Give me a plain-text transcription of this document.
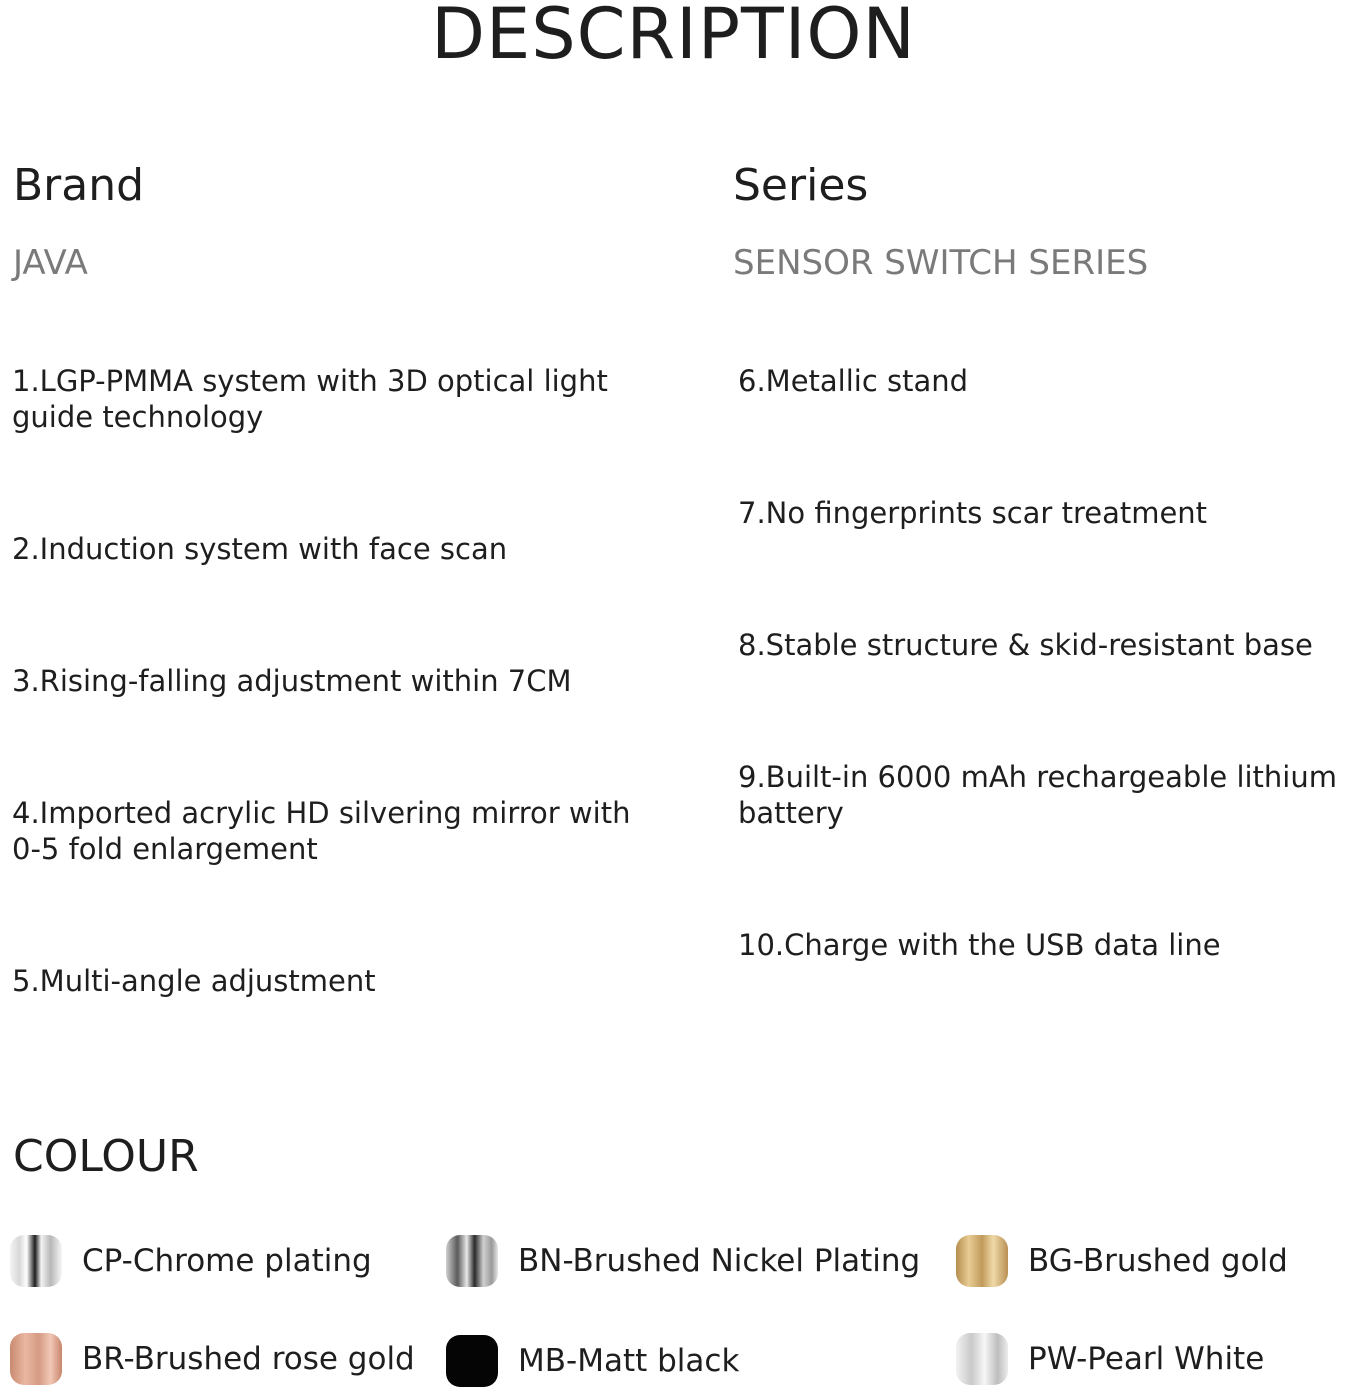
DESCRIPTION
Brand
JAVA
Series
SENSOR SWITCH SERIES
1.LGP-PMMA system with 3D optical light guide technology
2.Induction system with face scan
3.Rising-falling adjustment within 7CM
4.Imported acrylic HD silvering mirror with 0-5 fold enlargement
5.Multi-angle adjustment
6.Metallic stand
7.No fingerprints scar treatment
8.Stable structure & skid-resistant base
9.Built-in 6000 mAh rechargeable lithium battery
10.Charge with the USB data line
COLOUR
CP-Chrome plating	BN-Brushed Nickel Plating	BG-Brushed gold
BR-Brushed rose gold	MB-Matt black	PW-Pearl White
